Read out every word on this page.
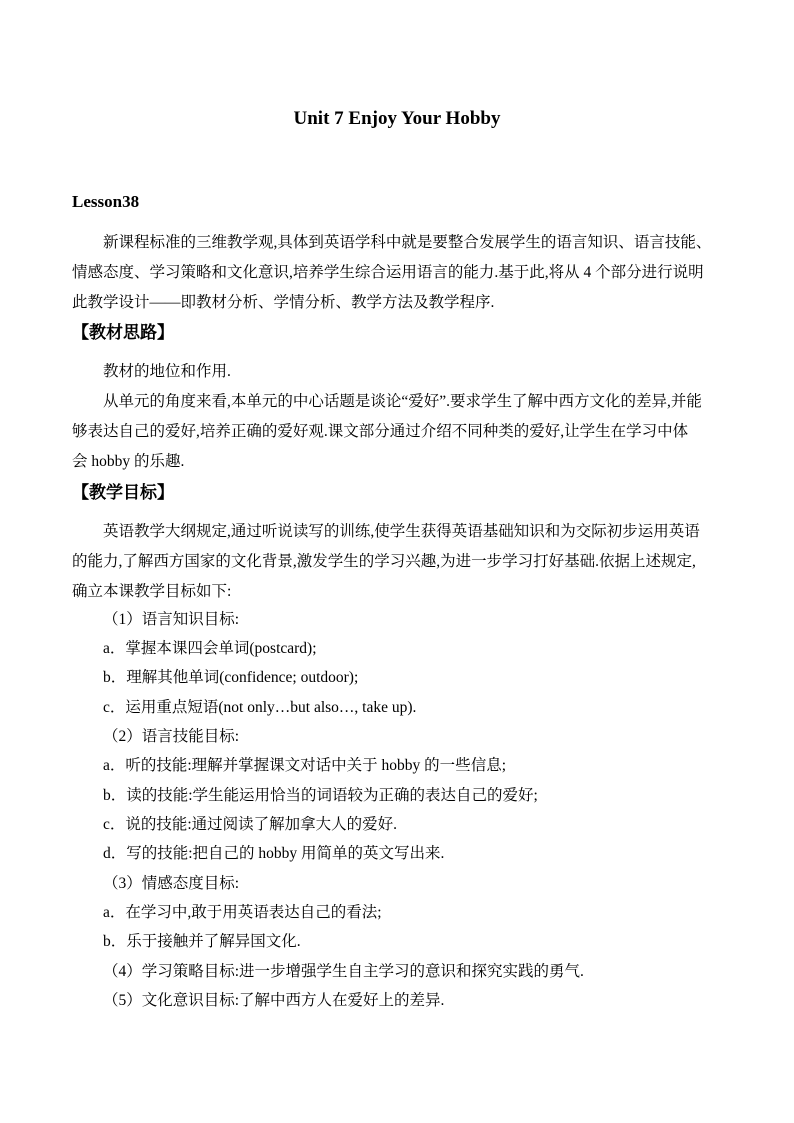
Unit 7 Enjoy Your Hobby
Lesson38
新课程标准的三维教学观,具体到英语学科中就是要整合发展学生的语言知识、语言技能、
情感态度、学习策略和文化意识,培养学生综合运用语言的能力.基于此,将从 4 个部分进行说明
此教学设计——即教材分析、学情分析、教学方法及教学程序.
【教材思路】
教材的地位和作用.
从单元的角度来看,本单元的中心话题是谈论“爱好”.要求学生了解中西方文化的差异,并能
够表达自己的爱好,培养正确的爱好观.课文部分通过介绍不同种类的爱好,让学生在学习中体
会 hobby 的乐趣.
【教学目标】
英语教学大纲规定,通过听说读写的训练,使学生获得英语基础知识和为交际初步运用英语
的能力,了解西方国家的文化背景,激发学生的学习兴趣,为进一步学习打好基础.依据上述规定,
确立本课教学目标如下:
（1）语言知识目标:
a．掌握本课四会单词(postcard);
b．理解其他单词(confidence; outdoor);
c．运用重点短语(not only…but also…, take up).
（2）语言技能目标:
a．听的技能:理解并掌握课文对话中关于 hobby 的一些信息;
b．读的技能:学生能运用恰当的词语较为正确的表达自己的爱好;
c．说的技能:通过阅读了解加拿大人的爱好.
d．写的技能:把自己的 hobby 用简单的英文写出来.
（3）情感态度目标:
a．在学习中,敢于用英语表达自己的看法;
b．乐于接触并了解异国文化.
（4）学习策略目标:进一步增强学生自主学习的意识和探究实践的勇气.
（5）文化意识目标:了解中西方人在爱好上的差异.
